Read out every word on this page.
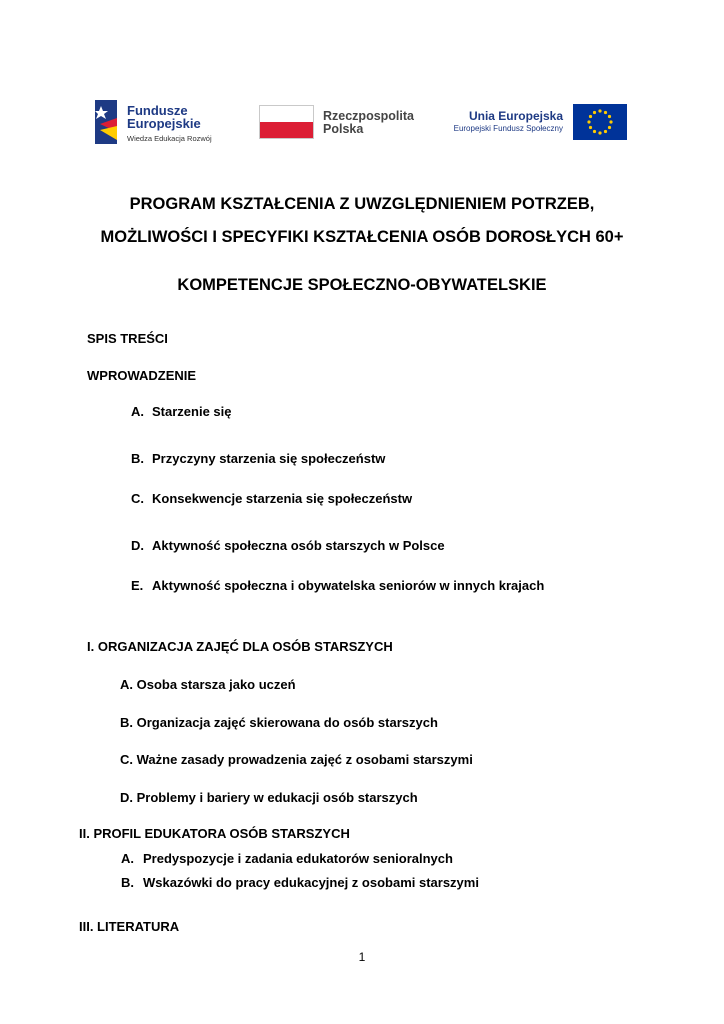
Fundusze
Europejskie
Wiedza Edukacja Rozwój
Rzeczpospolita
Polska
Unia Europejska
Europejski Fundusz Społeczny
PROGRAM KSZTAŁCENIA Z UWZGLĘDNIENIEM POTRZEB,
MOŻLIWOŚCI I SPECYFIKI KSZTAŁCENIA OSÓB DOROSŁYCH 60+
KOMPETENCJE SPOŁECZNO-OBYWATELSKIE
SPIS TREŚCI
WPROWADZENIE
A. Starzenie się
B. Przyczyny starzenia się społeczeństw
C. Konsekwencje starzenia się społeczeństw
D. Aktywność społeczna osób starszych w Polsce
E. Aktywność społeczna i obywatelska seniorów w innych krajach
I. ORGANIZACJA ZAJĘĆ DLA OSÓB STARSZYCH
A. Osoba starsza jako uczeń
B. Organizacja zajęć skierowana do osób starszych
C. Ważne zasady prowadzenia zajęć z osobami starszymi
D. Problemy i bariery w edukacji osób starszych
II. PROFIL EDUKATORA OSÓB STARSZYCH
A. Predyspozycje i zadania edukatorów senioralnych
B. Wskazówki do pracy edukacyjnej z osobami starszymi
III. LITERATURA
1
